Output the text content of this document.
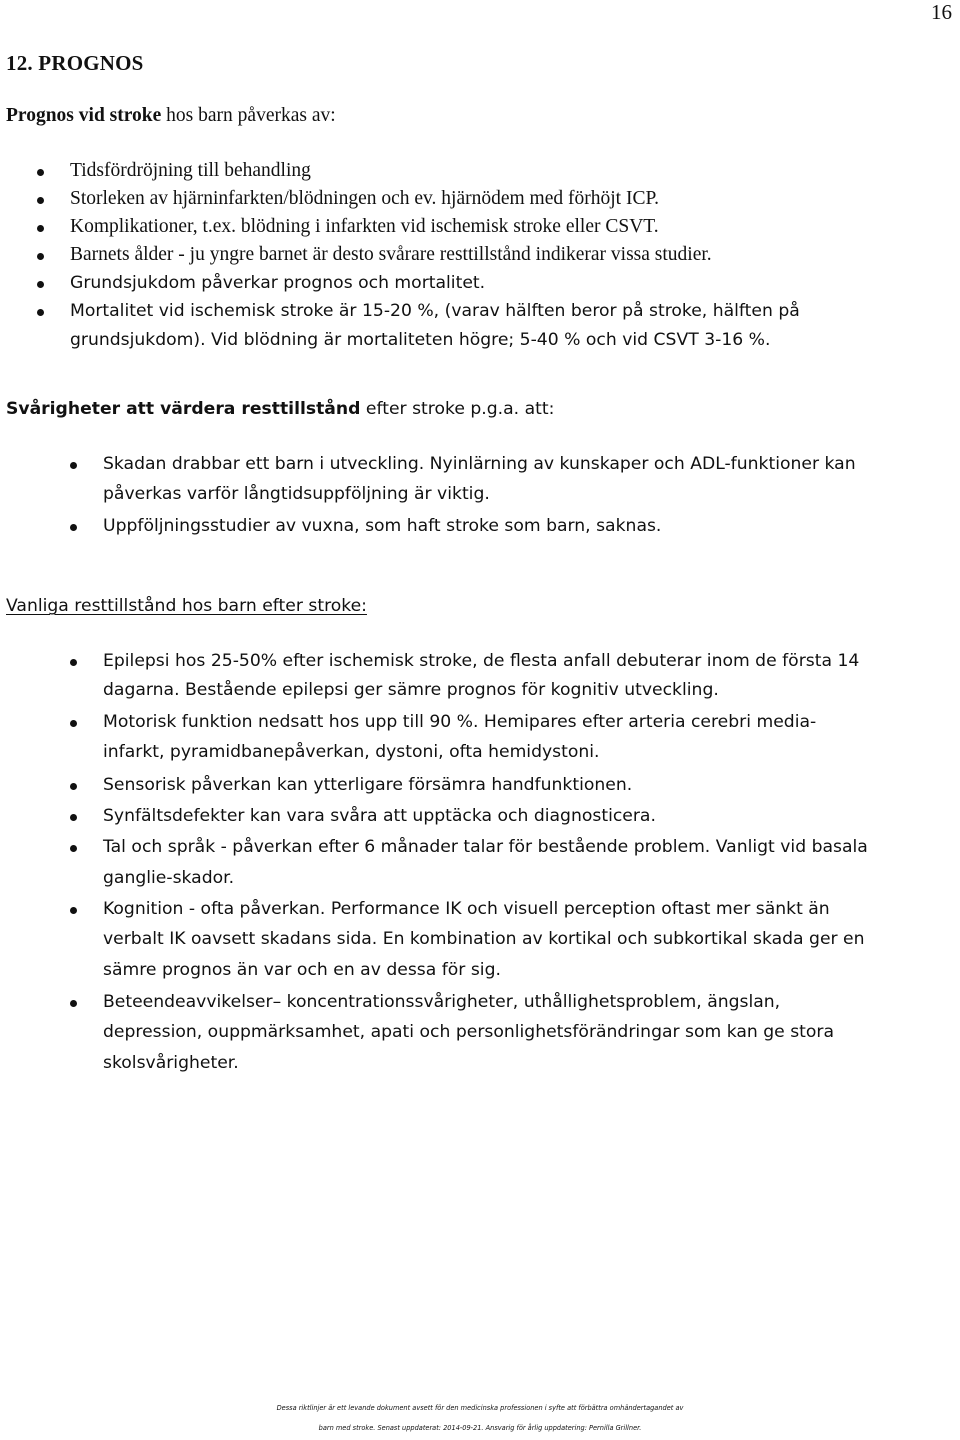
16
12. PROGNOS
Prognos vid stroke hos barn påverkas av:
Tidsfördröjning till behandling
Storleken av hjärninfarkten/blödningen och ev. hjärnödem med förhöjt ICP.
Komplikationer, t.ex. blödning i infarkten vid ischemisk stroke eller CSVT.
Barnets ålder - ju yngre barnet är desto svårare resttillstånd indikerar vissa studier.
Grundsjukdom påverkar prognos och mortalitet.
Mortalitet vid ischemisk stroke är 15-20 %, (varav hälften beror på stroke, hälften på
grundsjukdom). Vid blödning är mortaliteten högre; 5-40 % och vid CSVT 3-16 %.
Svårigheter att värdera resttillstånd efter stroke p.g.a. att:
Skadan drabbar ett barn i utveckling. Nyinlärning av kunskaper och ADL-funktioner kan
påverkas varför långtidsuppföljning är viktig.
Uppföljningsstudier av vuxna, som haft stroke som barn, saknas.
Vanliga resttillstånd hos barn efter stroke:
Epilepsi hos 25-50% efter ischemisk stroke, de flesta anfall debuterar inom de första 14
dagarna. Bestående epilepsi ger sämre prognos för kognitiv utveckling.
Motorisk funktion nedsatt hos upp till 90 %. Hemipares efter arteria cerebri media-
infarkt, pyramidbanepåverkan, dystoni, ofta hemidystoni.
Sensorisk påverkan kan ytterligare försämra handfunktionen.
Synfältsdefekter kan vara svåra att upptäcka och diagnosticera.
Tal och språk - påverkan efter 6 månader talar för bestående problem. Vanligt vid basala
ganglie-skador.
Kognition - ofta påverkan. Performance IK och visuell perception oftast mer sänkt än
verbalt IK oavsett skadans sida. En kombination av kortikal och subkortikal skada ger en
sämre prognos än var och en av dessa för sig.
Beteendeavvikelser– koncentrationssvårigheter, uthållighetsproblem, ängslan,
depression, ouppmärksamhet, apati och personlighetsförändringar som kan ge stora
skolsvårigheter.
Dessa riktlinjer är ett levande dokument avsett för den medicinska professionen i syfte att förbättra omhändertagandet av
barn med stroke. Senast uppdaterat: 2014-09-21. Ansvarig för årlig uppdatering: Pernilla Grillner.
